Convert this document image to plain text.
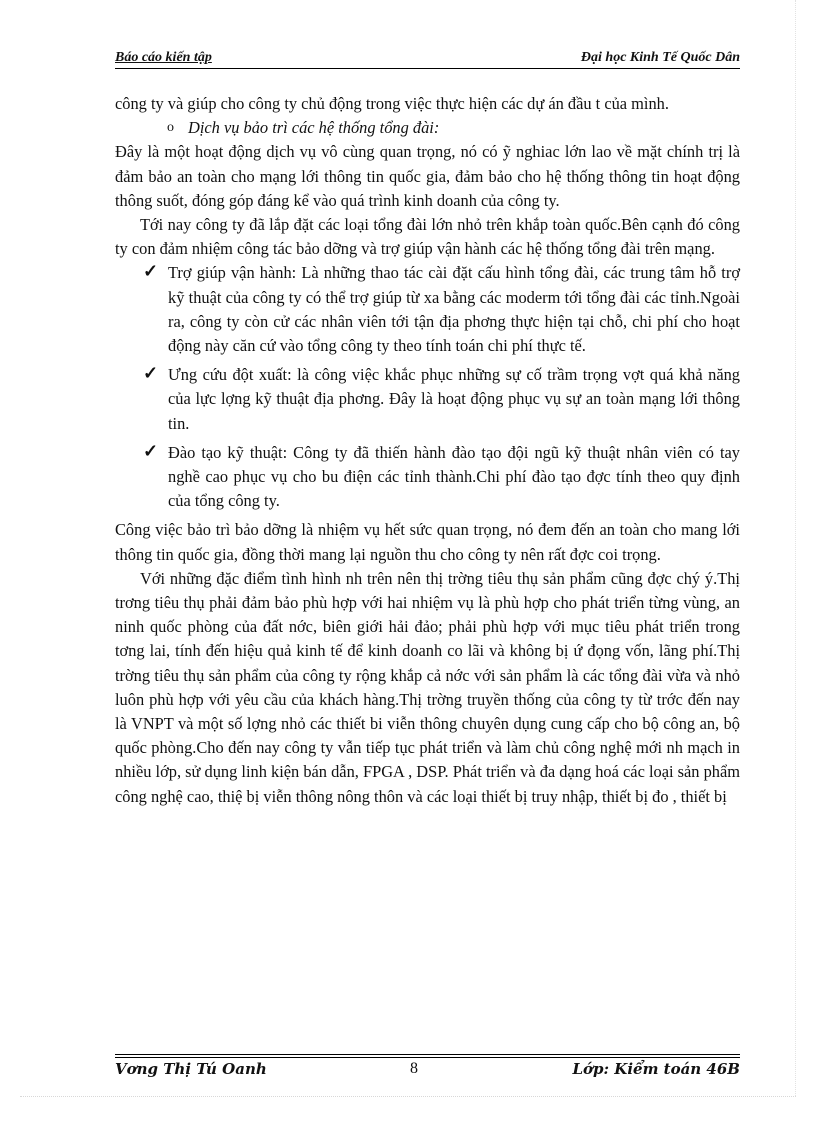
Báo cáo kiến tập	Đại học Kinh Tế Quốc Dân

công ty và giúp cho công ty chủ động trong việc thực hiện các dự án đầu t của mình.

o Dịch vụ bảo trì các hệ thống tổng đài:

Đây là một hoạt động dịch vụ vô cùng quan trọng, nó có ỹ nghiac lớn lao về mặt chính trị là đảm bảo an toàn cho mạng lới thông tin quốc gia, đảm bảo cho hệ thống thông tin hoạt động thông suốt, đóng góp đáng kể vào quá trình kinh doanh của công ty.

Tới nay công ty đã lắp đặt các loại tổng đài lớn nhỏ trên khắp toàn quốc.Bên cạnh đó công ty con đảm nhiệm công tác bảo dỡng và trợ giúp vận hành các hệ thống tổng đài trên mạng.

✓ Trợ giúp vận hành: Là những thao tác cài đặt cấu hình tổng đài, các trung tâm hỗ trợ kỹ thuật của công ty có thể trợ giúp từ xa bằng các moderm tới tổng đài các tỉnh.Ngoài ra, công ty còn cử các nhân viên tới tận địa phơng thực hiện tại chỗ, chi phí cho hoạt động này căn cứ vào tổng công ty theo tính toán chi phí thực tế.
✓ Ưng cứu đột xuất: là công việc khắc phục những sự cố trầm trọng vợt quá khả năng của lực lợng kỹ thuật địa phơng. Đây là hoạt động phục vụ sự an toàn mạng lới thông tin.
✓ Đào tạo kỹ thuật: Công ty đã thiến hành đào tạo đội ngũ kỹ thuật nhân viên có tay nghề cao phục vụ cho bu điện các tỉnh thành.Chi phí đào tạo đợc tính theo quy định của tổng công ty.

Công việc bảo trì bảo dỡng là nhiệm vụ hết sức quan trọng, nó đem đến an toàn cho mang lới thông tin quốc gia, đồng thời mang lại nguồn thu cho công ty nên rất đợc coi trọng.

Với những đặc điểm tình hình nh trên nên thị trờng tiêu thụ sản phẩm cũng đợc chý ý.Thị trơng tiêu thụ phải đảm bảo phù hợp với hai nhiệm vụ là phù hợp cho phát triển từng vùng, an ninh quốc phòng của đất nớc, biên giới hải đảo; phải phù hợp với mục tiêu phát triển trong tơng lai, tính đến hiệu quả kinh tế để kinh doanh co lãi và không bị ứ đọng vốn, lãng phí.Thị trờng tiêu thụ sản phẩm của công ty rộng khắp cả nớc với sản phẩm là các tổng đài vừa và nhỏ luôn phù hợp với yêu cầu của khách hàng.Thị trờng truyền thống của công ty từ trớc đến nay là VNPT và một số lợng nhỏ các thiết bi viễn thông chuyên dụng cung cấp cho bộ công an, bộ quốc phòng.Cho đến nay công ty vẫn tiếp tục phát triển và làm chủ công nghệ mới nh mạch in nhiều lớp, sử dụng linh kiện bán dẫn, FPGA , DSP. Phát triển và đa dạng hoá các loại sản phẩm công nghệ cao, thiệ bị viễn thông nông thôn và các loại thiết bị truy nhập, thiết bị đo , thiết bị

Vơng Thị Tú Oanh	8	Lớp: Kiểm toán 46B
